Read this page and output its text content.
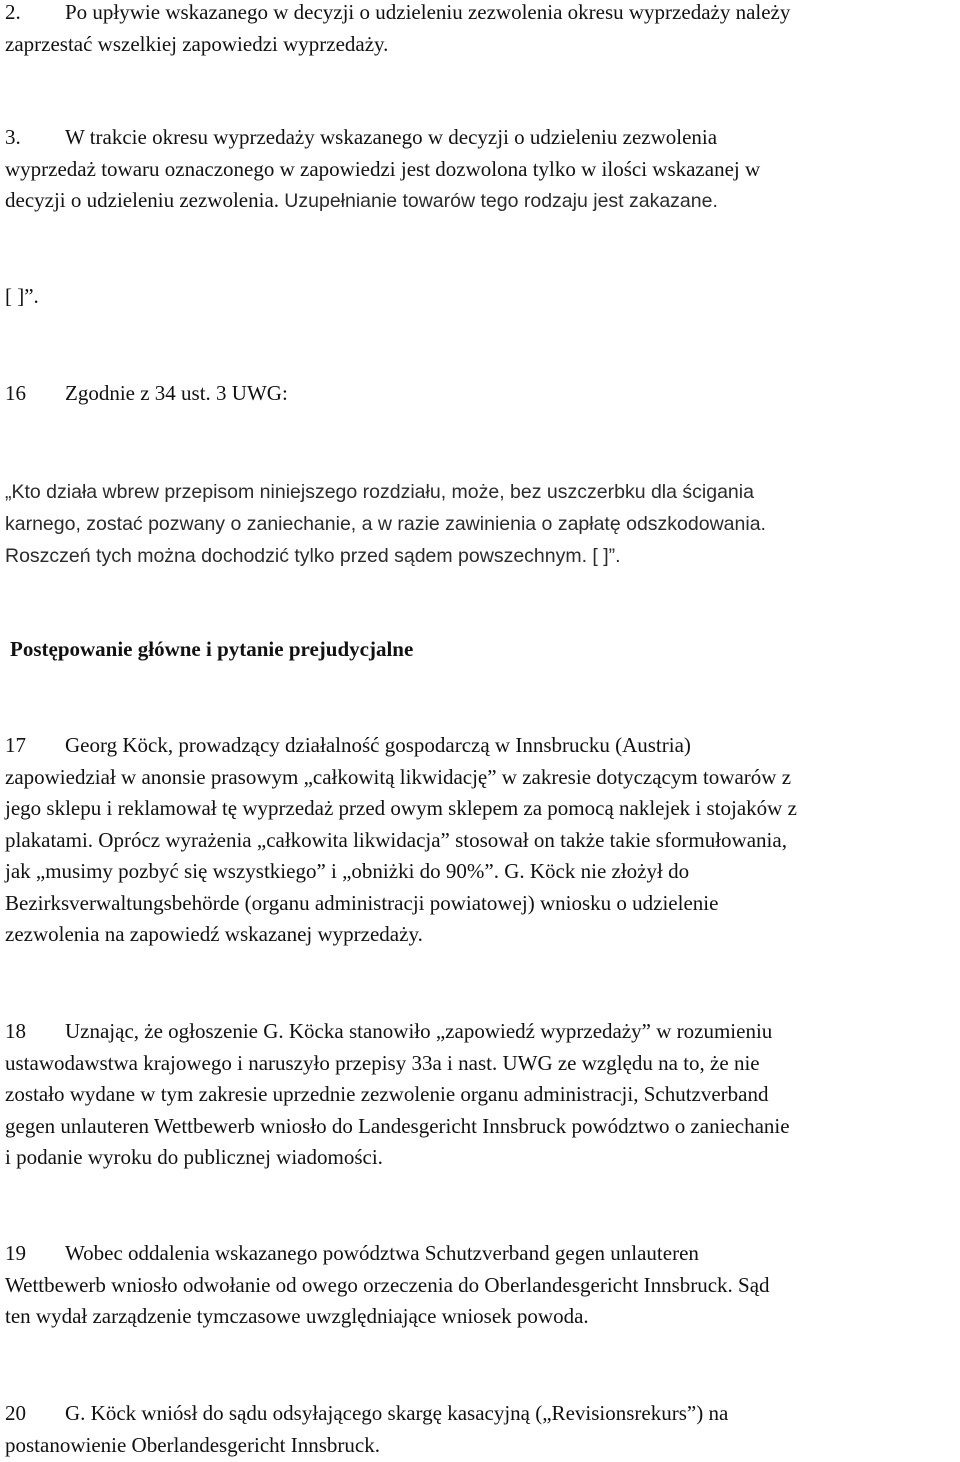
2. Po upływie wskazanego w decyzji o udzieleniu zezwolenia okresu wyprzedaży należy
zaprzestać wszelkiej zapowiedzi wyprzedaży.

3. W trakcie okresu wyprzedaży wskazanego w decyzji o udzieleniu zezwolenia
wyprzedaż towaru oznaczonego w zapowiedzi jest dozwolona tylko w ilości wskazanej w
decyzji o udzieleniu zezwolenia. Uzupełnianie towarów tego rodzaju jest zakazane.

[ ]”.

16 Zgodnie z 34 ust. 3 UWG:

„Kto działa wbrew przepisom niniejszego rozdziału, może, bez uszczerbku dla ścigania
karnego, zostać pozwany o zaniechanie, a w razie zawinienia o zapłatę odszkodowania.
Roszczeń tych można dochodzić tylko przed sądem powszechnym. [ ]”.

Postępowanie główne i pytanie prejudycjalne

17 Georg Köck, prowadzący działalność gospodarczą w Innsbrucku (Austria)
zapowiedział w anonsie prasowym „całkowitą likwidację” w zakresie dotyczącym towarów z
jego sklepu i reklamował tę wyprzedaż przed owym sklepem za pomocą naklejek i stojaków z
plakatami. Oprócz wyrażenia „całkowita likwidacja” stosował on także takie sformułowania,
jak „musimy pozbyć się wszystkiego” i „obniżki do 90%”. G. Köck nie złożył do
Bezirksverwaltungsbehörde (organu administracji powiatowej) wniosku o udzielenie
zezwolenia na zapowiedź wskazanej wyprzedaży.

18 Uznając, że ogłoszenie G. Köcka stanowiło „zapowiedź wyprzedaży” w rozumieniu
ustawodawstwa krajowego i naruszyło przepisy 33a i nast. UWG ze względu na to, że nie
zostało wydane w tym zakresie uprzednie zezwolenie organu administracji, Schutzverband
gegen unlauteren Wettbewerb wniosło do Landesgericht Innsbruck powództwo o zaniechanie
i podanie wyroku do publicznej wiadomości.

19 Wobec oddalenia wskazanego powództwa Schutzverband gegen unlauteren
Wettbewerb wniosło odwołanie od owego orzeczenia do Oberlandesgericht Innsbruck. Sąd
ten wydał zarządzenie tymczasowe uwzględniające wniosek powoda.

20 G. Köck wniósł do sądu odsyłającego skargę kasacyjną („Revisionsrekurs”) na
postanowienie Oberlandesgericht Innsbruck.
